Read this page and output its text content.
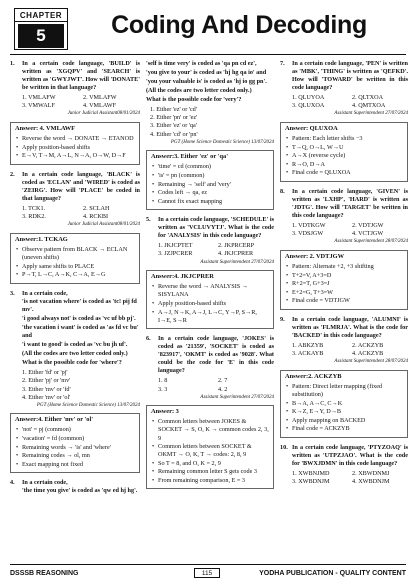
CHAPTER
5	Coding And Decoding
1. In a certain code language, 'BUILD' is written as 'XGQPV' and 'SEARCH' is written as 'GWYJWT'. How will 'DONATE' be written in that language?
1. VMLAFW	2. VMLAFW
3. VMWALF	4. VMLAWF
Junior Judicial Assistant08/01/2024
Answer: 4. VMLAWF
• Reverse the word → DONATE → ETANOD
• Apply position-based shifts
• E→V, T→M, A→L, N→A, O→W, D→F
2. In a certain code language, 'BLACK' is coded as 'ECLAN' and 'WIRED' is coded as 'ZEIRG'. How will 'PLACE' be coded in that language?
1. TCK1.	2. SCLAH
3. RDK2.	4. RCKBI
Junior Judicial Assistant08/01/2024
Answer:1. TCKAG
• Observe pattern from BLACK → ECLAN (uneven shifts)
• Apply same shifts to PLACE
• P→T, L→C, A→K, C→A, E→G
3. In a certain code,
'is not vacation where' is coded as 'tc! pij fd mv'.
'i good always not' is coded as 'vc uf bb pj'.
'the vacation i want' is coded as 'as fd vc bu' and
'i want to good' is coded as 'vc bu jh uf'.
(All the codes are two letter coded only.)
What is the possible code for 'where'?
1. Either 'fd' or 'pj'
2. Either 'pj' or 'mv'
3. Either 'mv' or 'fd'
4. Either 'mv' or 'ol'
PGT (Home Science Domestic Science) 13/07/2024
Answer:4. Either 'mv' or 'ol'
• 'not' = pj (common)
• 'vacation' = fd (common)
• Remaining words → 'is' and 'where'
• Remaining codes → ol, mn
• Exact mapping not fixed
4. In a certain code,
'the time you give' is coded as 'qw ed hj hg'.
'self is time very' is coded as 'qa pn cd ez',
'you give to your' is coded as 'hj hg qa io' and
'you your valuable is' is coded as 'hj io gg pn'.
(All the codes are two letter coded only.)
What is the possible code for 'very'?
1. Either 'ez' or 'cd'
2. Either 'pn' or 'ez'
3. Either 'ez' or 'qa'
4. Either 'cd' or 'pn'
PGT (Home Science Domestic Science) 13/07/2024
Answer:3. Either 'ez' or 'qa'
• 'time' = cd (common)
• 'is' = pn (common)
• Remaining → 'self' and 'very'
• Codes left → qa, ez
• Cannot fix exact mapping
5. In a certain code language, 'SCHEDULE' is written as 'VCLUVYTJ'. What is the code for 'ANALYSIS' in this code language?
1. JKJCPTET	2. JKPRCERP
3. JZJPCRER	4. JKJCPRER
Assistant Superintendent 27/07/2024
Answer:4. JKJCPRER
• Reverse the word → ANALYSIS → SISYLANA
• Apply position-based shifts
• A→J, N→K, A→J, L→C, Y→P, S→R, I→E, S→R
6. In a certain code language, 'JOKES' is coded as '21359', 'SOCKET' is coded as '823917', 'OKMT' is coded as '9028'. What could be the code for 'E' in this code language?
1. 8	2. 7
3. 3	4. 2
Assistant Superintendent 27/07/2024
Answer: 3
• Common letters between JOKES & SOCKET → S, O, K → common codes 2, 3, 9
• Common letters between SOCKET & OKMT → O, K, T → codes: 2, 8, 9
• So T = 8, and O, K = 2, 9
• Remaining common letter S gets code 3
• From remaining comparison, E = 3
7. In a certain code language, 'PEN' is written as 'MBK', 'THING' is written as 'QEFKD'. How will 'TOWARD' be written in this code language?
1. QLUYOA	2. QLTXOA
3. QLUXOA	4. QMTXOA
Assistant Superintendent 27/07/2024
Answer: QLUXOA
• Pattern: Each letter shifts −3
• T→Q, O→L, W→U
• A→X (reverse cycle)
• R→O, D→A
• Final code = QLUXOA
8. In a certain code language, 'GIVEN' is written as 'LXHP', 'HARD' is written as 'JDTG'. How will 'TARGET' be written in this code language?
1. VDTKGW	2. VDTJGW
3. VDSJGW	4. VCTJGW
Assistant Superintendent 28/07/2024
Answer: 2. VDTJGW
• Pattern: Alternate +2, +3 shifting
• T+2=V, A+3=D
• R+2=T, G+3=J
• E+2=G, T+3=W
• Final code = VDTJGW
9. In a certain code language, 'ALUMNI' is written as 'FLMRJA'. What is the code for 'BACKED' in this code language?
1. ABKZYB	2. ACKZYB
3. ACKAYB	4. ACKZYB
Assistant Superintendent 28/07/2024
Answer:2. ACKZYB
• Pattern: Direct letter mapping (fixed substitution)
• B→A, A→C, C→K
• K→Z, E→Y, D→B
• Apply mapping on BACKED
• Final code = ACKZYB
10. In a certain code language, 'PTYZOAQ' is written as 'UTPZJAO'. What is the code for 'BWXJDMN' in this code language?
1. XWBNJMD	2. XBWDNMJ
3. XWBDNJM	4. XWBDNJM
DSSSB REASONING	115	YODHA PUBLICATION - QUALITY CONTENT
